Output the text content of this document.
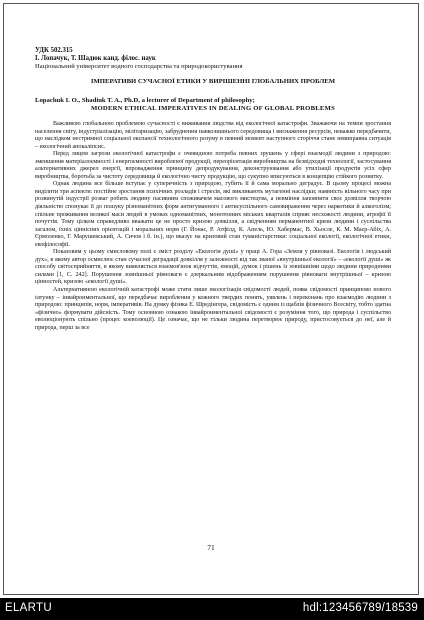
УДК 502.315
І. Лопачук, Т. Шадюк канд. філос. наук
Національний університет водного господарства та природокористування
ІМПЕРАТИВИ СУЧАСНОЇ ЕТИКИ У ВИРІШЕННІ ГЛОБАЛЬНИХ ПРОБЛЕМ
Lopachuk I. O., Shadiuk T. A., Ph.D, a lecturer of Department of philosophy;
MODERN ETHICAL IMPERATIVES IN DEALING OF GLOBAL PROBLEMS

Важливою глобальною проблемою сучасності є виживання людства від екологічної катастрофи. Зважаючи на темпи зростання населення світу, індустріалізацію, мілітаризацію, забруднення навколишнього середовища і виснаження ресурсів, неважко передбачити, що наслідком нестримної соціальної експансії технологічного розуму в певний момент наступного сторіччя стане невиправна ситуація – екологічний апокаліпсис.

Перед лицем загрози екологічної катастрофи є очевидною потреба певних зрушень у сфері взаємодії людини з природою: зменшення матеріалоємності і енергоємності виробленої продукції, переорієнтація виробництва на безвідходні технології, застосування альтернативних джерел енергії, впровадження принципу депродукування, деконструювання або утилізації продуктів усіх сфер виробництва, боротьба за чистоту середовища й екологічно чисту продукцію, що сукупно вписуються в концепцію стійкого розвитку.

Однак людина все більше вступає у суперечність з природою, губить її й сама морально деградує. В цьому процесі можна виділити три аспекти: постійне зростання психічних розладів і стресів, які викликають мутагенні наслідки; наявність вільного часу при розвинутій індустрії розваг робить людину пасивним споживачем масового мистецтва, а невміння заповнити своє дозвілля творчою діяльністю спонукає її до пошуку різноманітних форм антигуманного і антисуспільного самовираження через наркотики й алкоголізм; спільне проживання великої маси людей в умовах одноманітних, монотонних міських кварталів сприяє несхожості людини, атрофії її почуттів. Тому цілком справедливо вважати це не просто кризою довкілля, а свідченням перманентної кризи людини і суспільства загалом, їхніх ціннісних орієнтацій і моральних норм (Г. Йонас, Р. Атфілд, К. Апель, Ю. Хабермас, В. Хьосле, К. М. Маєр-Абіх, А. Єрмоленко, Г. Марушевський, А. Сичов і б. ін.), що вказує на кризовий стан гуманістарстики: соціальної екології, екологічної етики, екофілософії.

Показовим у цьому смисловому полі є зміст розділу «Екологія душі» у праці А. Гора «Земля у рівновазі. Екологія і людський дух», в якому автор осмислює стан сучасної деградації довкілля у залежності від так званої «внутрішньої екології» – «екології душі» як способу світосприйняття, в якому виявляється взаємов'язок відчуттів, емоцій, думок і рішень із зовнішніми щодо людини природними силами [1, С. 242]. Порушення зовнішньої рівноваги є дзеркальним відображенням порушення рівноваги внутрішньої – кризою цінностей, кризою «екології душі».

Альтернативною екологічній катастрофі може стати лише екологізація свідомості людей, поява свідомості принципово нового ґатунку – інвайронментальної, що передбачає вироблення у кожного твердих понять, уявлень і переконань про взаємодію людини з природою: принципів, норм, імперативів. На думку фізика Е. Шредінгера, свідомість є одним із щаблів фізичного Всесвіту, тобто здатна «фізично» формувати дійсність. Тому основною ознакою інвайронментальної свідомості є розуміння того, що природа і суспільство еволюціонують спільно (процес коеволюції). Це означає, що не тільки людина перетворює природу, пристосовується до неї, але й природа, перш за все

71
ELARTU	hdl:123456789/18539
